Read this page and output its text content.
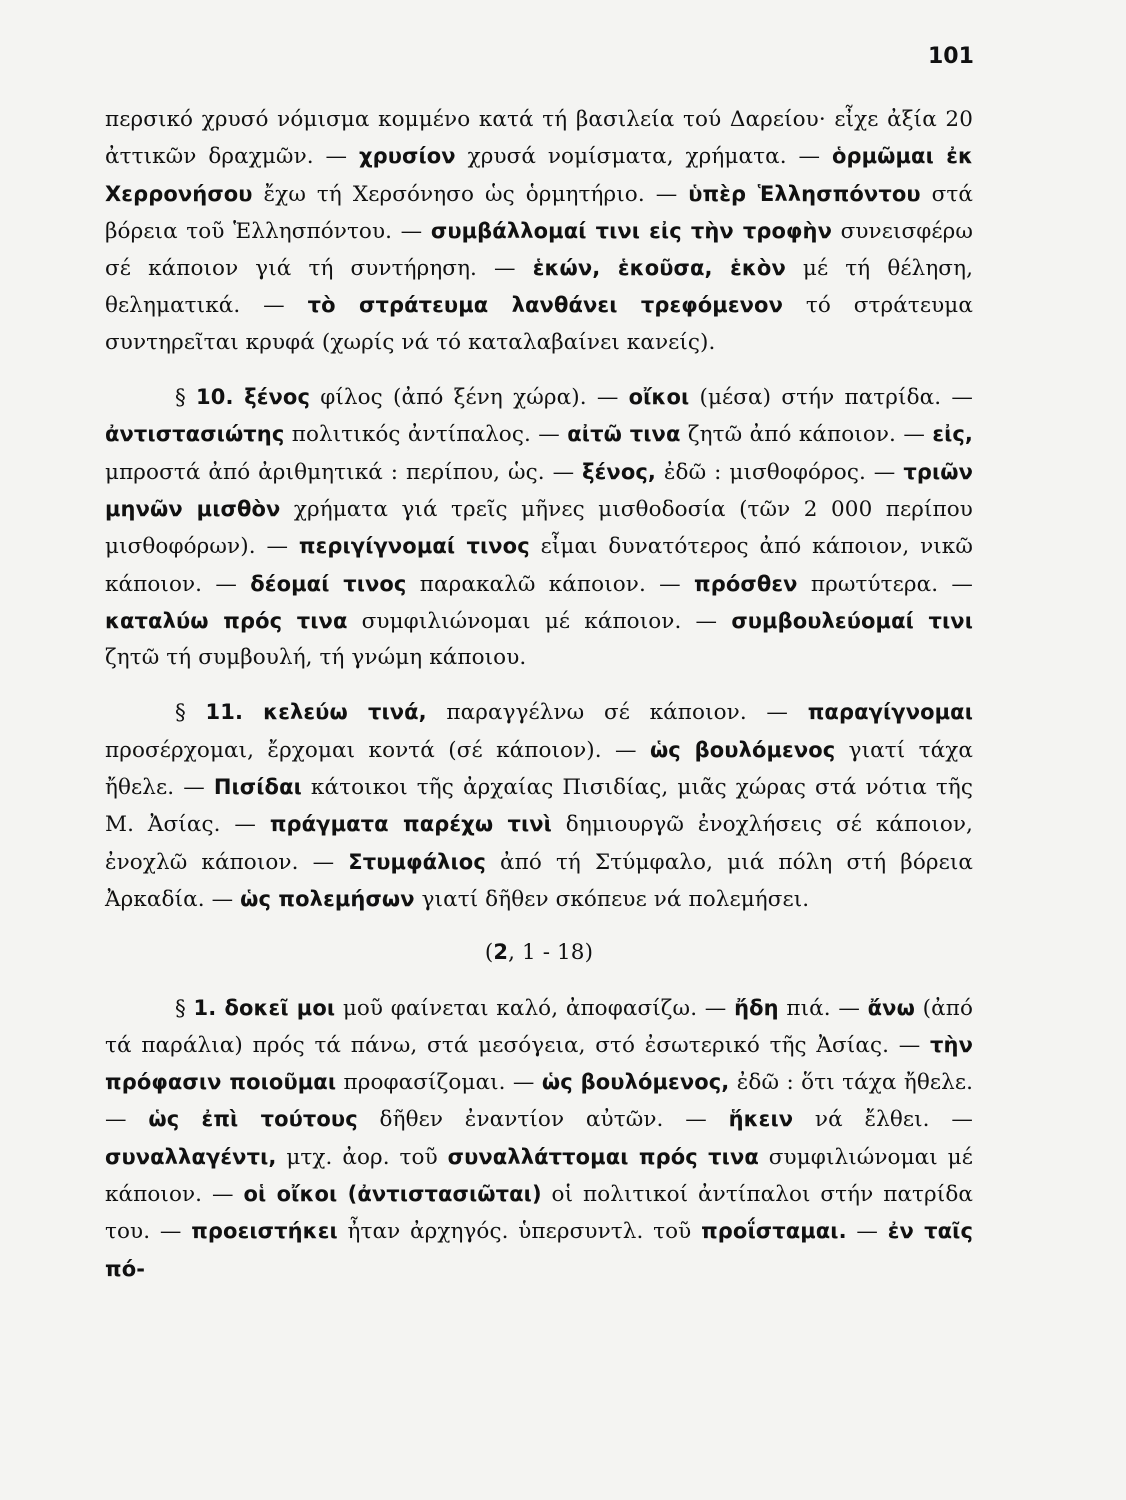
101

περσικό χρυσό νόμισμα κομμένο κατά τή βασιλεία τού Δαρείου· εἶχε ἀξία 20 ἀττικῶν δραχμῶν. — χρυσίον χρυσά νομίσματα, χρήματα. — ὁρμῶμαι ἐκ Χερρονήσου ἔχω τή Χερσόνησο ὡς ὁρμητήριο. — ὑπὲρ Ἑλλησπόντου στά βόρεια τοῦ Ἑλλησπόντου. — συμβάλλομαί τινι εἰς τὴν τροφὴν συνεισφέρω σέ κάποιον γιά τή συντήρηση. — ἑκών, ἑκοῦσα, ἑκὸν μέ τή θέληση, θεληματικά. — τὸ στράτευμα λανθάνει τρεφόμενον τό στράτευμα συντηρεῖται κρυφά (χωρίς νά τό καταλαβαίνει κανείς).

§ 10. ξένος φίλος (ἀπό ξένη χώρα). — οἴκοι (μέσα) στήν πατρίδα. — ἀντιστασιώτης πολιτικός ἀντίπαλος. — αἰτῶ τινα ζητῶ ἀπό κάποιον. — εἰς, μπροστά ἀπό ἀριθμητικά : περίπου, ὡς. — ξένος, ἐδῶ : μισθοφόρος. — τριῶν μηνῶν μισθὸν χρήματα γιά τρεῖς μῆνες μισθοδοσία (τῶν 2 000 περίπου μισθοφόρων). — περιγίγνομαί τινος εἶμαι δυνατότερος ἀπό κάποιον, νικῶ κάποιον. — δέομαί τινος παρακαλῶ κάποιον. — πρόσθεν πρωτύτερα. — καταλύω πρός τινα συμφιλιώνομαι μέ κάποιον. — συμβουλεύομαί τινι ζητῶ τή συμβουλή, τή γνώμη κάποιου.

§ 11. κελεύω τινά, παραγγέλνω σέ κάποιον. — παραγίγνομαι προσέρχομαι, ἔρχομαι κοντά (σέ κάποιον). — ὡς βουλόμενος γιατί τάχα ἤθελε. — Πισίδαι κάτοικοι τῆς ἀρχαίας Πισιδίας, μιᾶς χώρας στά νότια τῆς Μ. Ἀσίας. — πράγματα παρέχω τινὶ δημιουργῶ ἐνοχλήσεις σέ κάποιον, ἐνοχλῶ κάποιον. — Στυμφάλιος ἀπό τή Στύμφαλο, μιά πόλη στή βόρεια Ἀρκαδία. — ὡς πολεμήσων γιατί δῆθεν σκόπευε νά πολεμήσει.

(2, 1 - 18)

§ 1. δοκεῖ μοι μοῦ φαίνεται καλό, ἀποφασίζω. — ἤδη πιά. — ἄνω (ἀπό τά παράλια) πρός τά πάνω, στά μεσόγεια, στό ἐσωτερικό τῆς Ἀσίας. — τὴν πρόφασιν ποιοῦμαι προφασίζομαι. — ὡς βουλόμενος, ἐδῶ : ὅτι τάχα ἤθελε. — ὡς ἐπὶ τούτους δῆθεν ἐναντίον αὐτῶν. — ἥκειν νά ἔλθει. — συναλλαγέντι, μτχ. ἀορ. τοῦ συναλλάττομαι πρός τινα συμφιλιώνομαι μέ κάποιον. — οἱ οἴκοι (ἀντιστασιῶται) οἱ πολιτικοί ἀντίπαλοι στήν πατρίδα του. — προειστήκει ἦταν ἀρχηγός. ὑπερσυντλ. τοῦ προΐσταμαι. — ἐν ταῖς πό-
